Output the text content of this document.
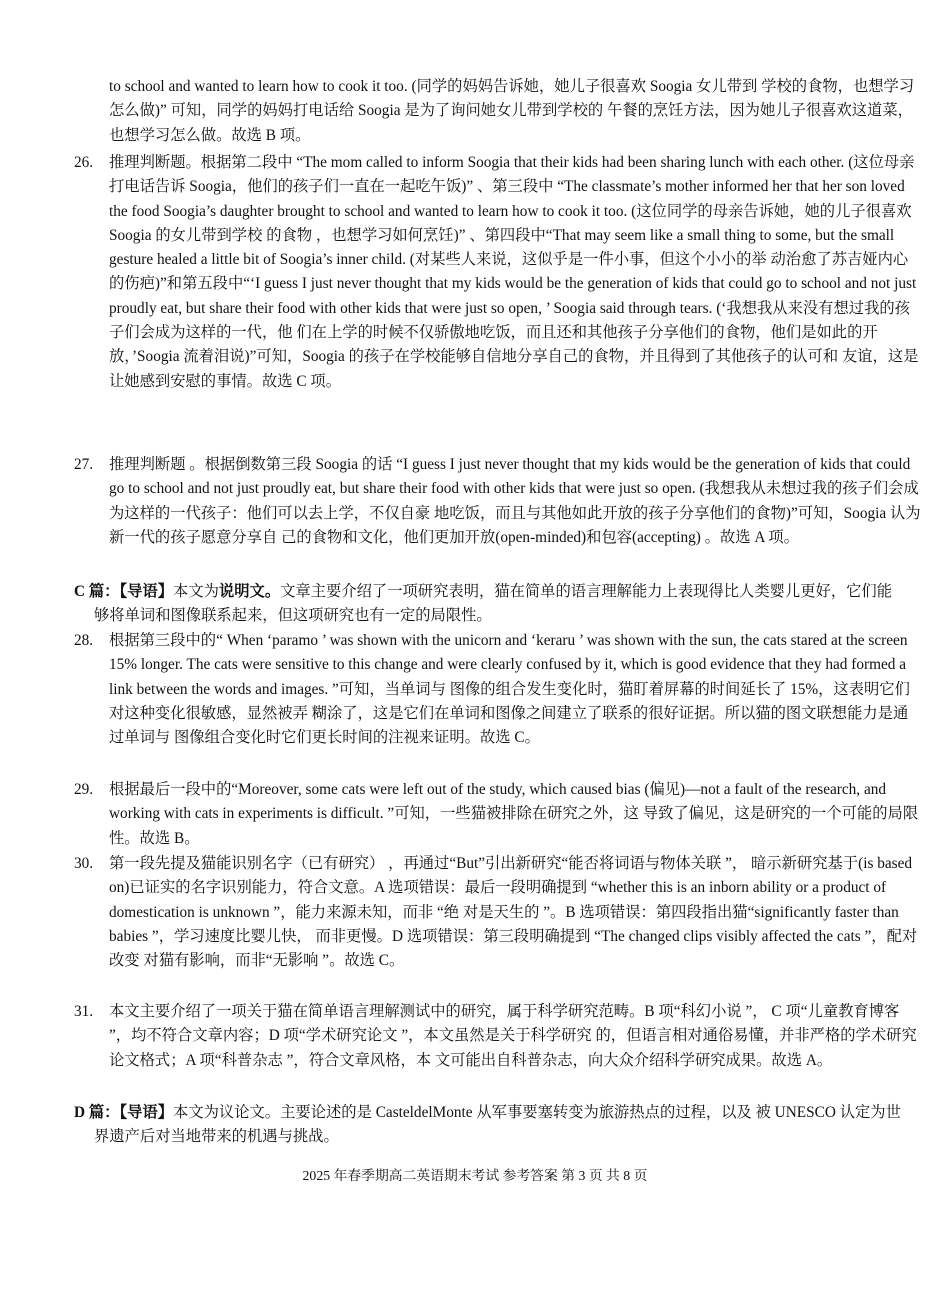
to school and wanted to learn how to cook it too. (同学的妈妈告诉她，她儿子很喜欢 Soogia 女儿带到 学校的食物，也想学习怎么做)” 可知，同学的妈妈打电话给 Soogia 是为了询问她女儿带到学校的 午餐的烹饪方法，因为她儿子很喜欢这道菜，也想学习怎么做。故选 B 项。

26. 推理判断题。根据第二段中 “The mom called to inform Soogia that their kids had been sharing lunch with each other. (这位母亲打电话告诉 Soogia，他们的孩子们一直在一起吃午饭)” 、第三段中 “The classmate’s mother informed her that her son loved the food Soogia’s daughter brought to school and wanted to learn how to cook it too. (这位同学的母亲告诉她，她的儿子很喜欢 Soogia 的女儿带到学校 的食物 ，也想学习如何烹饪)” 、第四段中“That may seem like a small thing to some, but the small gesture healed a little bit of Soogia’s inner child. (对某些人来说，这似乎是一件小事，但这个小小的举 动治愈了苏吉娅内心的伤疤)”和第五段中“‘I guess I just never thought that my kids would be the generation of kids that could go to school and not just proudly eat, but share their food with other kids that were just so open, ’ Soogia said through tears. (‘我想我从来没有想过我的孩子们会成为这样的一代，他 们在上学的时候不仅骄傲地吃饭，而且还和其他孩子分享他们的食物，他们是如此的开放，’Soogia 流着泪说)”可知，Soogia 的孩子在学校能够自信地分享自己的食物，并且得到了其他孩子的认可和 友谊，这是让她感到安慰的事情。故选 C 项。

27. 推理判断题 。根据倒数第三段 Soogia 的话 “I guess I just never thought that my kids would be the generation of kids that could go to school and not just proudly eat, but share their food with other kids that were just so open. (我想我从未想过我的孩子们会成为这样的一代孩子：他们可以去上学，不仅自豪 地吃饭，而且与其他如此开放的孩子分享他们的食物)”可知，Soogia 认为新一代的孩子愿意分享自 己的食物和文化，他们更加开放(open-minded)和包容(accepting) 。故选 A 项。

C 篇：【导语】本文为说明文。文章主要介绍了一项研究表明，猫在简单的语言理解能力上表现得比人类婴儿更好，它们能够将单词和图像联系起来，但这项研究也有一定的局限性。

28. 根据第三段中的“ When ‘paramo ’ was shown with the unicorn and ‘keraru ’ was shown with the sun, the cats stared at the screen 15% longer. The cats were sensitive to this change and were clearly confused by it, which is good evidence that they had formed a link between the words and images. ”可知，当单词与 图像的组合发生变化时，猫盯着屏幕的时间延长了 15%，这表明它们对这种变化很敏感，显然被弄 糊涂了，这是它们在单词和图像之间建立了联系的很好证据。所以猫的图文联想能力是通过单词与 图像组合变化时它们更长时间的注视来证明。故选 C。

29. 根据最后一段中的“Moreover, some cats were left out of the study, which caused bias (偏见)—not a fault of the research, and working with cats in experiments is difficult. ”可知，一些猫被排除在研究之外，这 导致了偏见，这是研究的一个可能的局限性。故选 B。

30. 第一段先提及猫能识别名字（已有研究） ，再通过“But”引出新研究“能否将词语与物体关联 ”， 暗示新研究基于(is based on)已证实的名字识别能力，符合文意。A 选项错误：最后一段明确提到 “whether this is an inborn ability or a product of domestication is unknown ”，能力来源未知，而非 “绝 对是天生的 ”。B 选项错误：第四段指出猫“significantly faster than babies ”，学习速度比婴儿快， 而非更慢。D 选项错误：第三段明确提到 “The changed clips visibly affected the cats ”，配对改变 对猫有影响，而非“无影响 ”。故选 C。

31. 本文主要介绍了一项关于猫在简单语言理解测试中的研究，属于科学研究范畴。B 项“科幻小说 ”， C 项“儿童教育博客 ”，均不符合文章内容；D 项“学术研究论文 ”，本文虽然是关于科学研究 的，但语言相对通俗易懂，并非严格的学术研究论文格式；A 项“科普杂志 ”，符合文章风格，本 文可能出自科普杂志，向大众介绍科学研究成果。故选 A。

D 篇：【导语】本文为议论文。主要论述的是 CasteldelMonte 从军事要塞转变为旅游热点的过程，以及 被 UNESCO 认定为世界遗产后对当地带来的机遇与挑战。

2025 年春季期高二英语期末考试 参考答案 第 3 页 共 8 页
